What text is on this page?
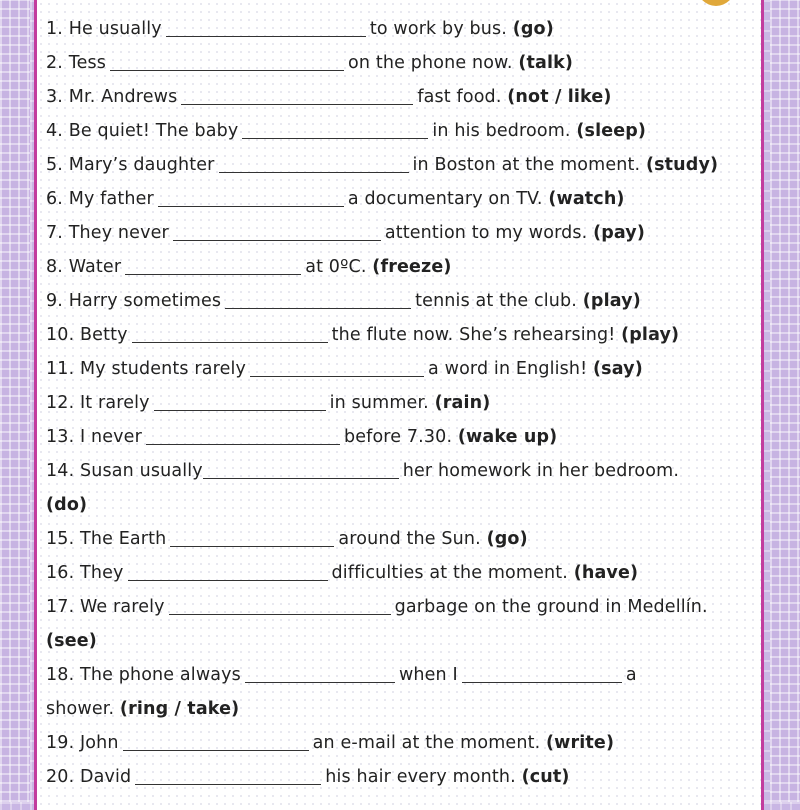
1. He usually	to work by bus. (go)
2. Tess	on the phone now. (talk)
3. Mr. Andrews	fast food. (not / like)
4. Be quiet! The baby	in his bedroom. (sleep)
5. Mary’s daughter	in Boston at the moment. (study)
6. My father	a documentary on TV. (watch)
7. They never	attention to my words. (pay)
8. Water	at 0ºC. (freeze)
9. Harry sometimes	tennis at the club. (play)
10. Betty	the flute now. She’s rehearsing! (play)
11. My students rarely	a word in English! (say)
12. It rarely	in summer. (rain)
13. I never	before 7.30. (wake up)
14. Susan usually	her homework in her bedroom.
(do)
15. The Earth	around the Sun. (go)
16. They	difficulties at the moment. (have)
17. We rarely	garbage on the ground in Medellín.
(see)
18. The phone always	when I	a
shower. (ring / take)
19. John	an e-mail at the moment. (write)
20. David	his hair every month. (cut)
